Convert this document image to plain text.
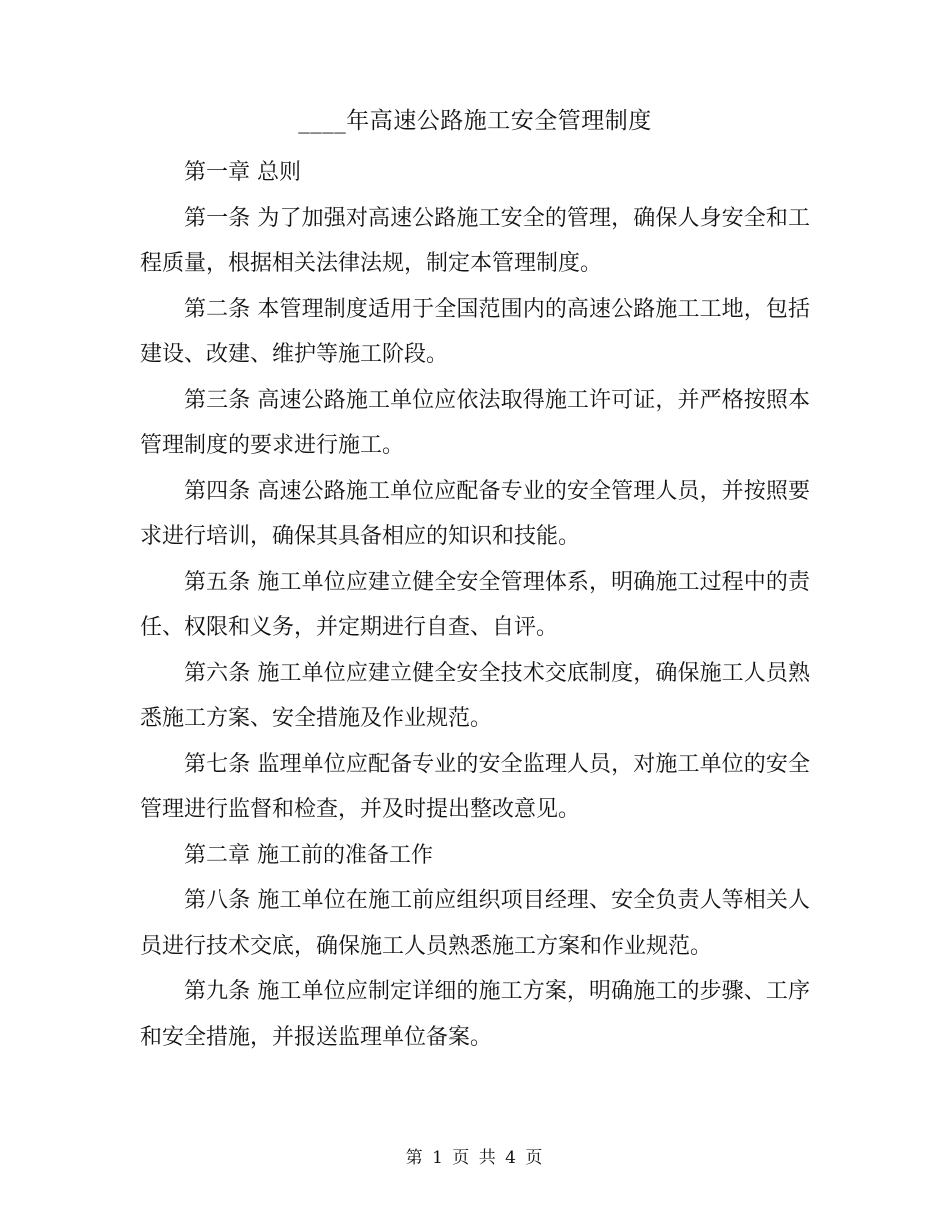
____年高速公路施工安全管理制度

第一章 总则

第一条 为了加强对高速公路施工安全的管理，确保人身安全和工程质量，根据相关法律法规，制定本管理制度。

第二条 本管理制度适用于全国范围内的高速公路施工工地，包括建设、改建、维护等施工阶段。

第三条 高速公路施工单位应依法取得施工许可证，并严格按照本管理制度的要求进行施工。

第四条 高速公路施工单位应配备专业的安全管理人员，并按照要求进行培训，确保其具备相应的知识和技能。

第五条 施工单位应建立健全安全管理体系，明确施工过程中的责任、权限和义务，并定期进行自查、自评。

第六条 施工单位应建立健全安全技术交底制度，确保施工人员熟悉施工方案、安全措施及作业规范。

第七条 监理单位应配备专业的安全监理人员，对施工单位的安全管理进行监督和检查，并及时提出整改意见。

第二章 施工前的准备工作

第八条 施工单位在施工前应组织项目经理、安全负责人等相关人员进行技术交底，确保施工人员熟悉施工方案和作业规范。

第九条 施工单位应制定详细的施工方案，明确施工的步骤、工序和安全措施，并报送监理单位备案。

第 1 页 共 4 页
